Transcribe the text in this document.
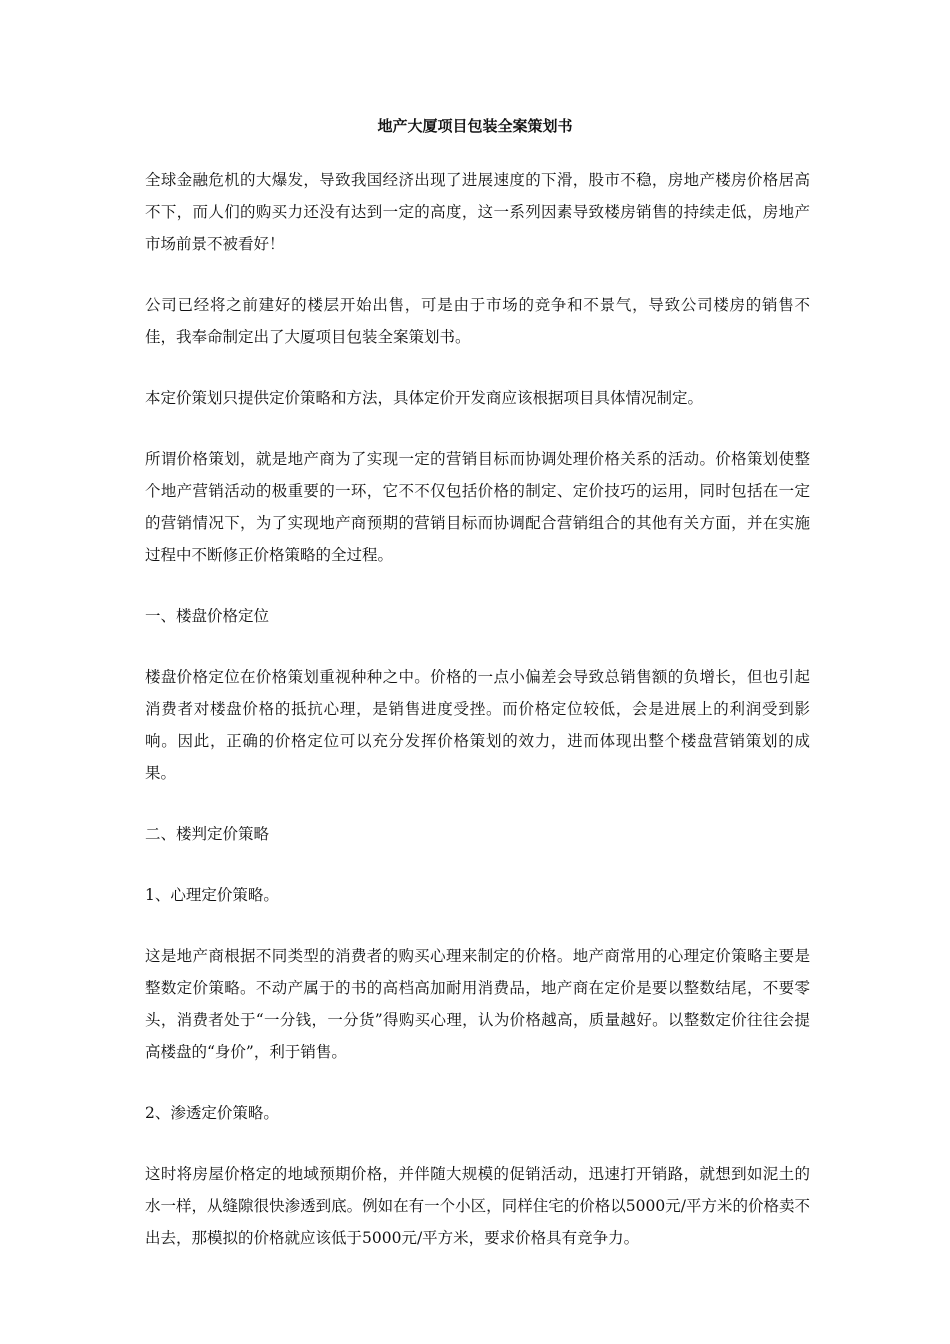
地产大厦项目包装全案策划书

全球金融危机的大爆发，导致我国经济出现了进展速度的下滑，股市不稳，房地产楼房价格居高不下，而人们的购买力还没有达到一定的高度，这一系列因素导致楼房销售的持续走低，房地产市场前景不被看好！

公司已经将之前建好的楼层开始出售，可是由于市场的竞争和不景气，导致公司楼房的销售不佳，我奉命制定出了大厦项目包装全案策划书。

本定价策划只提供定价策略和方法，具体定价开发商应该根据项目具体情况制定。

所谓价格策划，就是地产商为了实现一定的营销目标而协调处理价格关系的活动。价格策划使整个地产营销活动的极重要的一环，它不不仅包括价格的制定、定价技巧的运用，同时包括在一定的营销情况下，为了实现地产商预期的营销目标而协调配合营销组合的其他有关方面，并在实施过程中不断修正价格策略的全过程。

一、楼盘价格定位

楼盘价格定位在价格策划重视种种之中。价格的一点小偏差会导致总销售额的负增长，但也引起消费者对楼盘价格的抵抗心理，是销售进度受挫。而价格定位较低，会是进展上的利润受到影响。因此，正确的价格定位可以充分发挥价格策划的效力，进而体现出整个楼盘营销策划的成果。

二、楼判定价策略

1、心理定价策略。

这是地产商根据不同类型的消费者的购买心理来制定的价格。地产商常用的心理定价策略主要是整数定价策略。不动产属于的书的高档高加耐用消费品，地产商在定价是要以整数结尾，不要零头，消费者处于“一分钱，一分货”得购买心理，认为价格越高，质量越好。以整数定价往往会提高楼盘的“身价”，利于销售。

2、渗透定价策略。

这时将房屋价格定的地域预期价格，并伴随大规模的促销活动，迅速打开销路，就想到如泥土的水一样，从缝隙很快渗透到底。例如在有一个小区，同样住宅的价格以5000元/平方米的价格卖不出去，那模拟的价格就应该低于5000元/平方米，要求价格具有竞争力。
